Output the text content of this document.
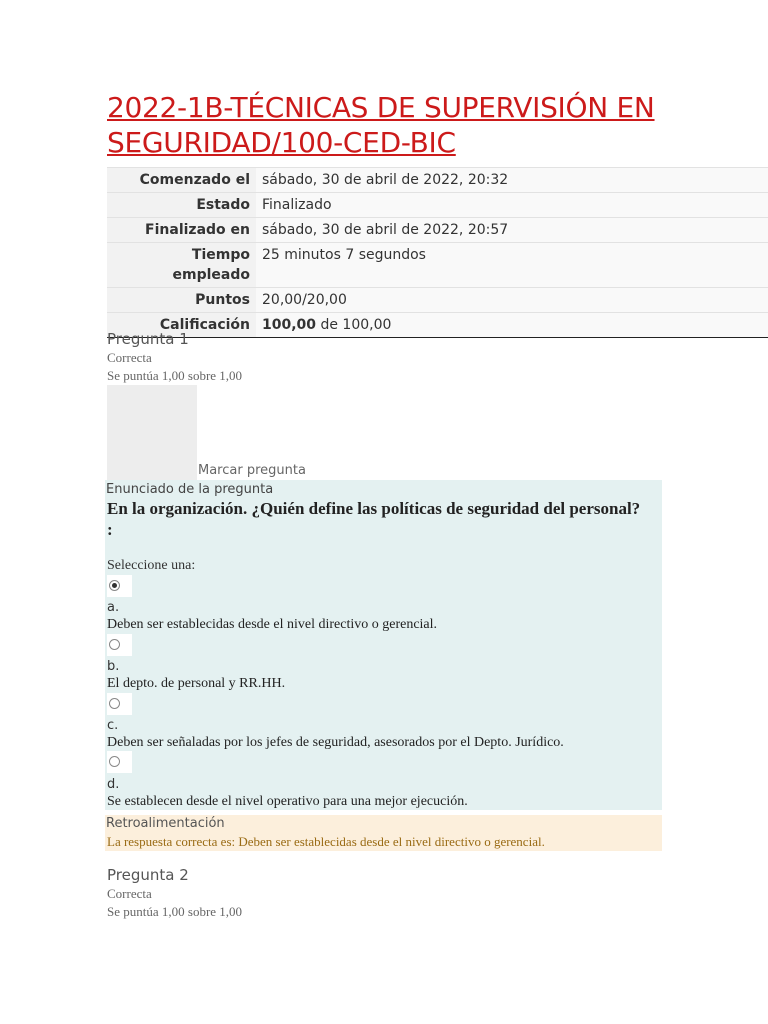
2022-1B-TÉCNICAS DE SUPERVISIÓN EN SEGURIDAD/100-CED-BIC
Comenzado el	sábado, 30 de abril de 2022, 20:32
Estado	Finalizado
Finalizado en	sábado, 30 de abril de 2022, 20:57
Tiempo empleado	25 minutos 7 segundos
Puntos	20,00/20,00
Calificación	100,00 de 100,00
Pregunta 1
Correcta
Se puntúa 1,00 sobre 1,00
Marcar pregunta
Enunciado de la pregunta
En la organización. ¿Quién define las políticas de seguridad del personal? :
Seleccione una:
a.
Deben ser establecidas desde el nivel directivo o gerencial.
b.
El depto. de personal y RR.HH.
c.
Deben ser señaladas por los jefes de seguridad, asesorados por el Depto. Jurídico.
d.
Se establecen desde el nivel operativo para una mejor ejecución.
Retroalimentación
La respuesta correcta es: Deben ser establecidas desde el nivel directivo o gerencial.
Pregunta 2
Correcta
Se puntúa 1,00 sobre 1,00
